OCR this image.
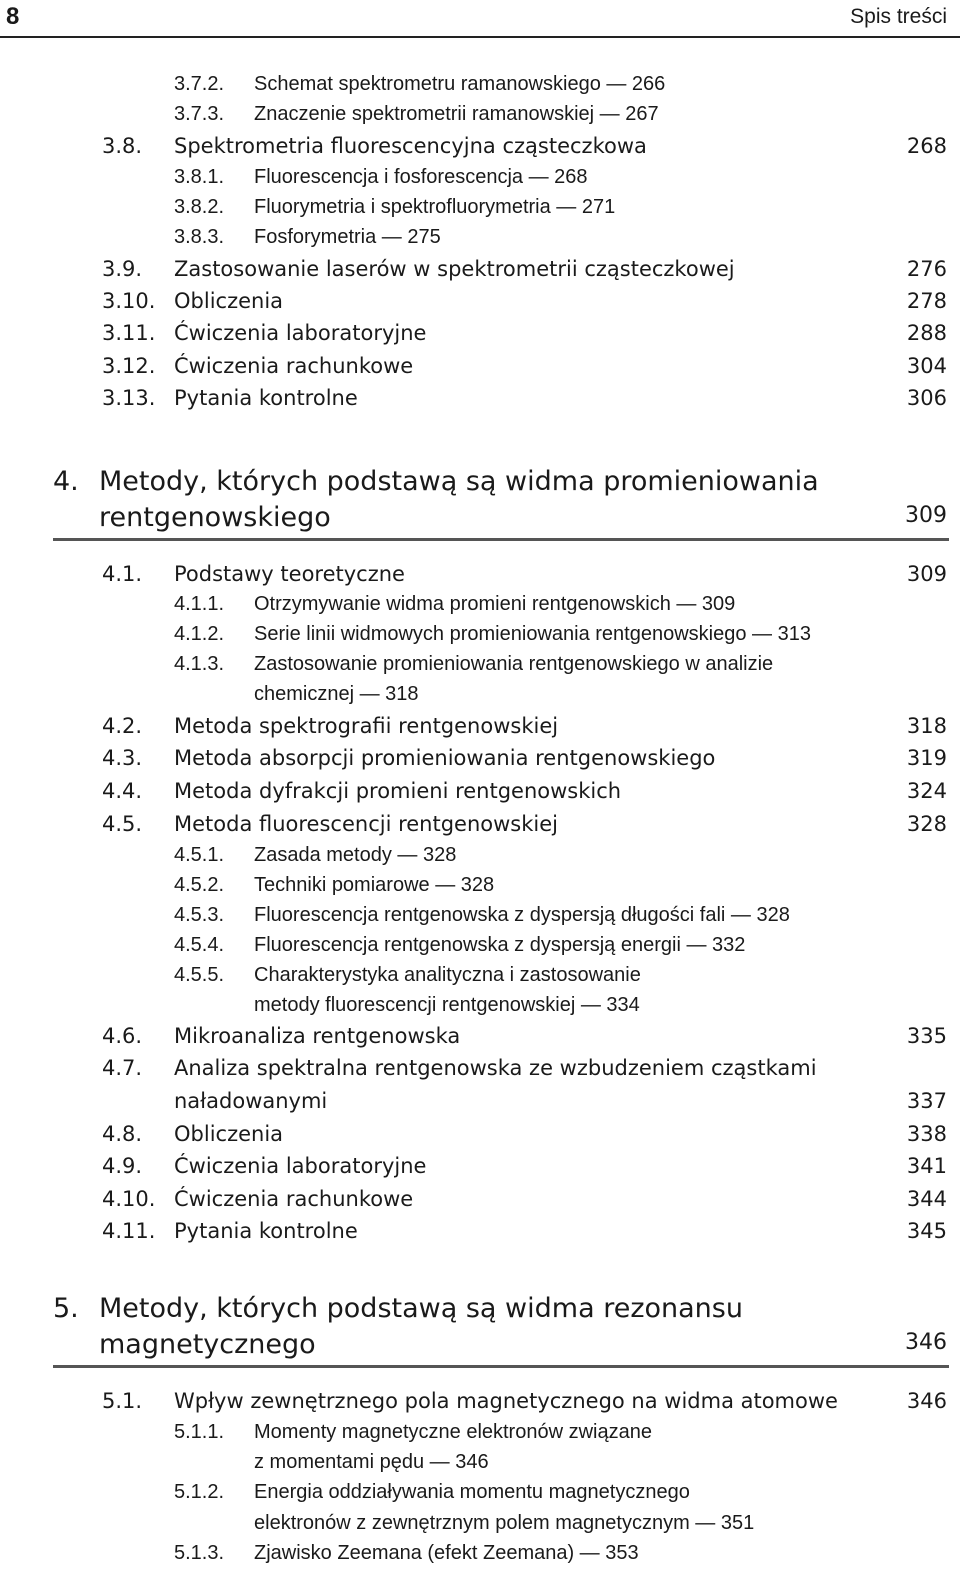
8	Spis treści
3.7.2. Schemat spektrometru ramanowskiego — 266
3.7.3. Znaczenie spektrometrii ramanowskiej — 267
3.8. Spektrometria fluorescencyjna cząsteczkowa	268
3.8.1. Fluorescencja i fosforescencja — 268
3.8.2. Fluorymetria i spektrofluorymetria — 271
3.8.3. Fosforymetria — 275
3.9. Zastosowanie laserów w spektrometrii cząsteczkowej	276
3.10. Obliczenia	278
3.11. Ćwiczenia laboratoryjne	288
3.12. Ćwiczenia rachunkowe	304
3.13. Pytania kontrolne	306
4. Metody, których podstawą są widma promieniowania rentgenowskiego	309
4.1. Podstawy teoretyczne	309
4.1.1. Otrzymywanie widma promieni rentgenowskich — 309
4.1.2. Serie linii widmowych promieniowania rentgenowskiego — 313
4.1.3. Zastosowanie promieniowania rentgenowskiego w analizie
chemicznej — 318
4.2. Metoda spektrografii rentgenowskiej	318
4.3. Metoda absorpcji promieniowania rentgenowskiego	319
4.4. Metoda dyfrakcji promieni rentgenowskich	324
4.5. Metoda fluorescencji rentgenowskiej	328
4.5.1. Zasada metody — 328
4.5.2. Techniki pomiarowe — 328
4.5.3. Fluorescencja rentgenowska z dyspersją długości fali — 328
4.5.4. Fluorescencja rentgenowska z dyspersją energii — 332
4.5.5. Charakterystyka analityczna i zastosowanie
metody fluorescencji rentgenowskiej — 334
4.6. Mikroanaliza rentgenowska	335
4.7. Analiza spektralna rentgenowska ze wzbudzeniem cząstkami
naładowanymi	337
4.8. Obliczenia	338
4.9. Ćwiczenia laboratoryjne	341
4.10. Ćwiczenia rachunkowe	344
4.11. Pytania kontrolne	345
5. Metody, których podstawą są widma rezonansu magnetycznego	346
5.1. Wpływ zewnętrznego pola magnetycznego na widma atomowe	346
5.1.1. Momenty magnetyczne elektronów związane
z momentami pędu — 346
5.1.2. Energia oddziaływania momentu magnetycznego
elektronów z zewnętrznym polem magnetycznym — 351
5.1.3. Zjawisko Zeemana (efekt Zeemana) — 353
